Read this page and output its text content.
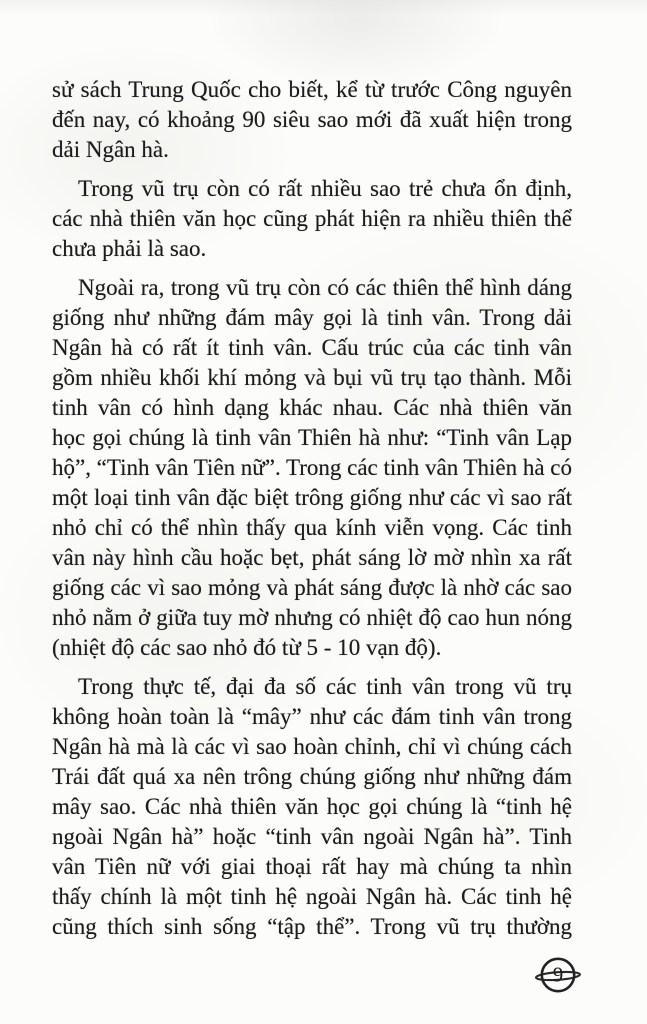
sử sách Trung Quốc cho biết, kể từ trước Công nguyên
đến nay, có khoảng 90 siêu sao mới đã xuất hiện trong
dải Ngân hà.
Trong vũ trụ còn có rất nhiều sao trẻ chưa ổn định,
các nhà thiên văn học cũng phát hiện ra nhiều thiên thể
chưa phải là sao.
Ngoài ra, trong vũ trụ còn có các thiên thể hình dáng
giống như những đám mây gọi là tinh vân. Trong dải
Ngân hà có rất ít tinh vân. Cấu trúc của các tinh vân
gồm nhiều khối khí mỏng và bụi vũ trụ tạo thành. Mỗi
tinh vân có hình dạng khác nhau. Các nhà thiên văn
học gọi chúng là tinh vân Thiên hà như: “Tinh vân Lạp
hộ”, “Tinh vân Tiên nữ”. Trong các tinh vân Thiên hà có
một loại tinh vân đặc biệt trông giống như các vì sao rất
nhỏ chỉ có thể nhìn thấy qua kính viễn vọng. Các tinh
vân này hình cầu hoặc bẹt, phát sáng lờ mờ nhìn xa rất
giống các vì sao mỏng và phát sáng được là nhờ các sao
nhỏ nằm ở giữa tuy mờ nhưng có nhiệt độ cao hun nóng
(nhiệt độ các sao nhỏ đó từ 5 - 10 vạn độ).
Trong thực tế, đại đa số các tinh vân trong vũ trụ
không hoàn toàn là “mây” như các đám tinh vân trong
Ngân hà mà là các vì sao hoàn chỉnh, chỉ vì chúng cách
Trái đất quá xa nên trông chúng giống như những đám
mây sao. Các nhà thiên văn học gọi chúng là “tinh hệ
ngoài Ngân hà” hoặc “tinh vân ngoài Ngân hà”. Tinh
vân Tiên nữ với giai thoại rất hay mà chúng ta nhìn
thấy chính là một tinh hệ ngoài Ngân hà. Các tinh hệ
cũng thích sinh sống “tập thể”. Trong vũ trụ thường
9
